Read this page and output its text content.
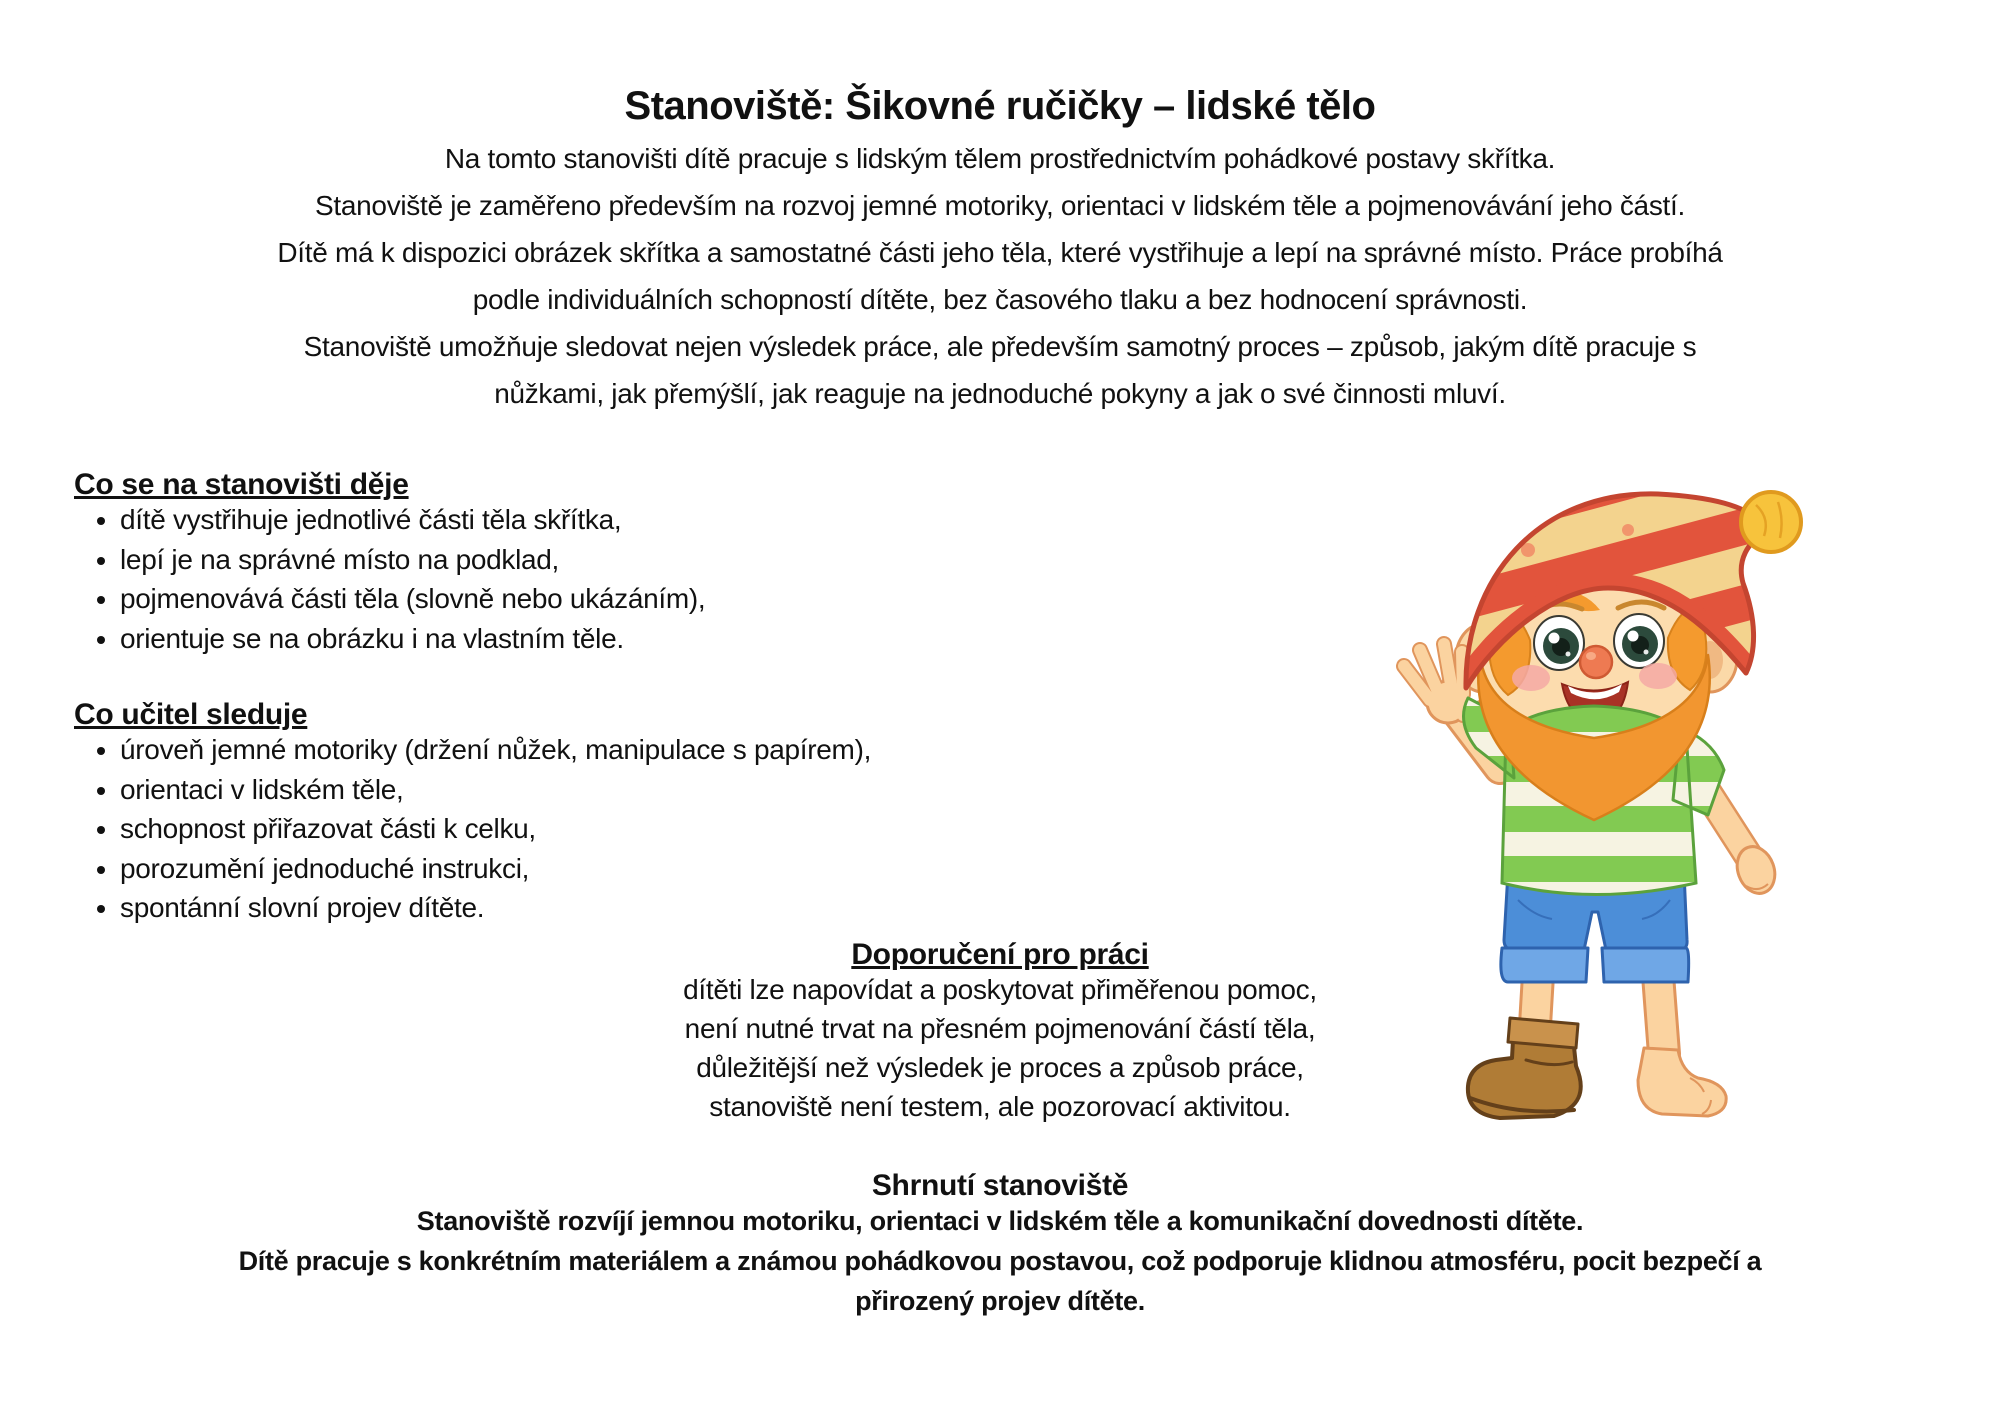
Stanoviště: Šikovné ručičky – lidské tělo
Na tomto stanovišti dítě pracuje s lidským tělem prostřednictvím pohádkové postavy skřítka.
Stanoviště je zaměřeno především na rozvoj jemné motoriky, orientaci v lidském těle a pojmenovávání jeho částí.
Dítě má k dispozici obrázek skřítka a samostatné části jeho těla, které vystřihuje a lepí na správné místo. Práce probíhá
podle individuálních schopností dítěte, bez časového tlaku a bez hodnocení správnosti.
Stanoviště umožňuje sledovat nejen výsledek práce, ale především samotný proces – způsob, jakým dítě pracuje s
nůžkami, jak přemýšlí, jak reaguje na jednoduché pokyny a jak o své činnosti mluví.
Co se na stanovišti děje
• dítě vystřihuje jednotlivé části těla skřítka,
• lepí je na správné místo na podklad,
• pojmenovává části těla (slovně nebo ukázáním),
• orientuje se na obrázku i na vlastním těle.
Co učitel sleduje
• úroveň jemné motoriky (držení nůžek, manipulace s papírem),
• orientaci v lidském těle,
• schopnost přiřazovat části k celku,
• porozumění jednoduché instrukci,
• spontánní slovní projev dítěte.
Doporučení pro práci
dítěti lze napovídat a poskytovat přiměřenou pomoc,
není nutné trvat na přesném pojmenování částí těla,
důležitější než výsledek je proces a způsob práce,
stanoviště není testem, ale pozorovací aktivitou.
Shrnutí stanoviště
Stanoviště rozvíjí jemnou motoriku, orientaci v lidském těle a komunikační dovednosti dítěte.
Dítě pracuje s konkrétním materiálem a známou pohádkovou postavou, což podporuje klidnou atmosféru, pocit bezpečí a
přirozený projev dítěte.
